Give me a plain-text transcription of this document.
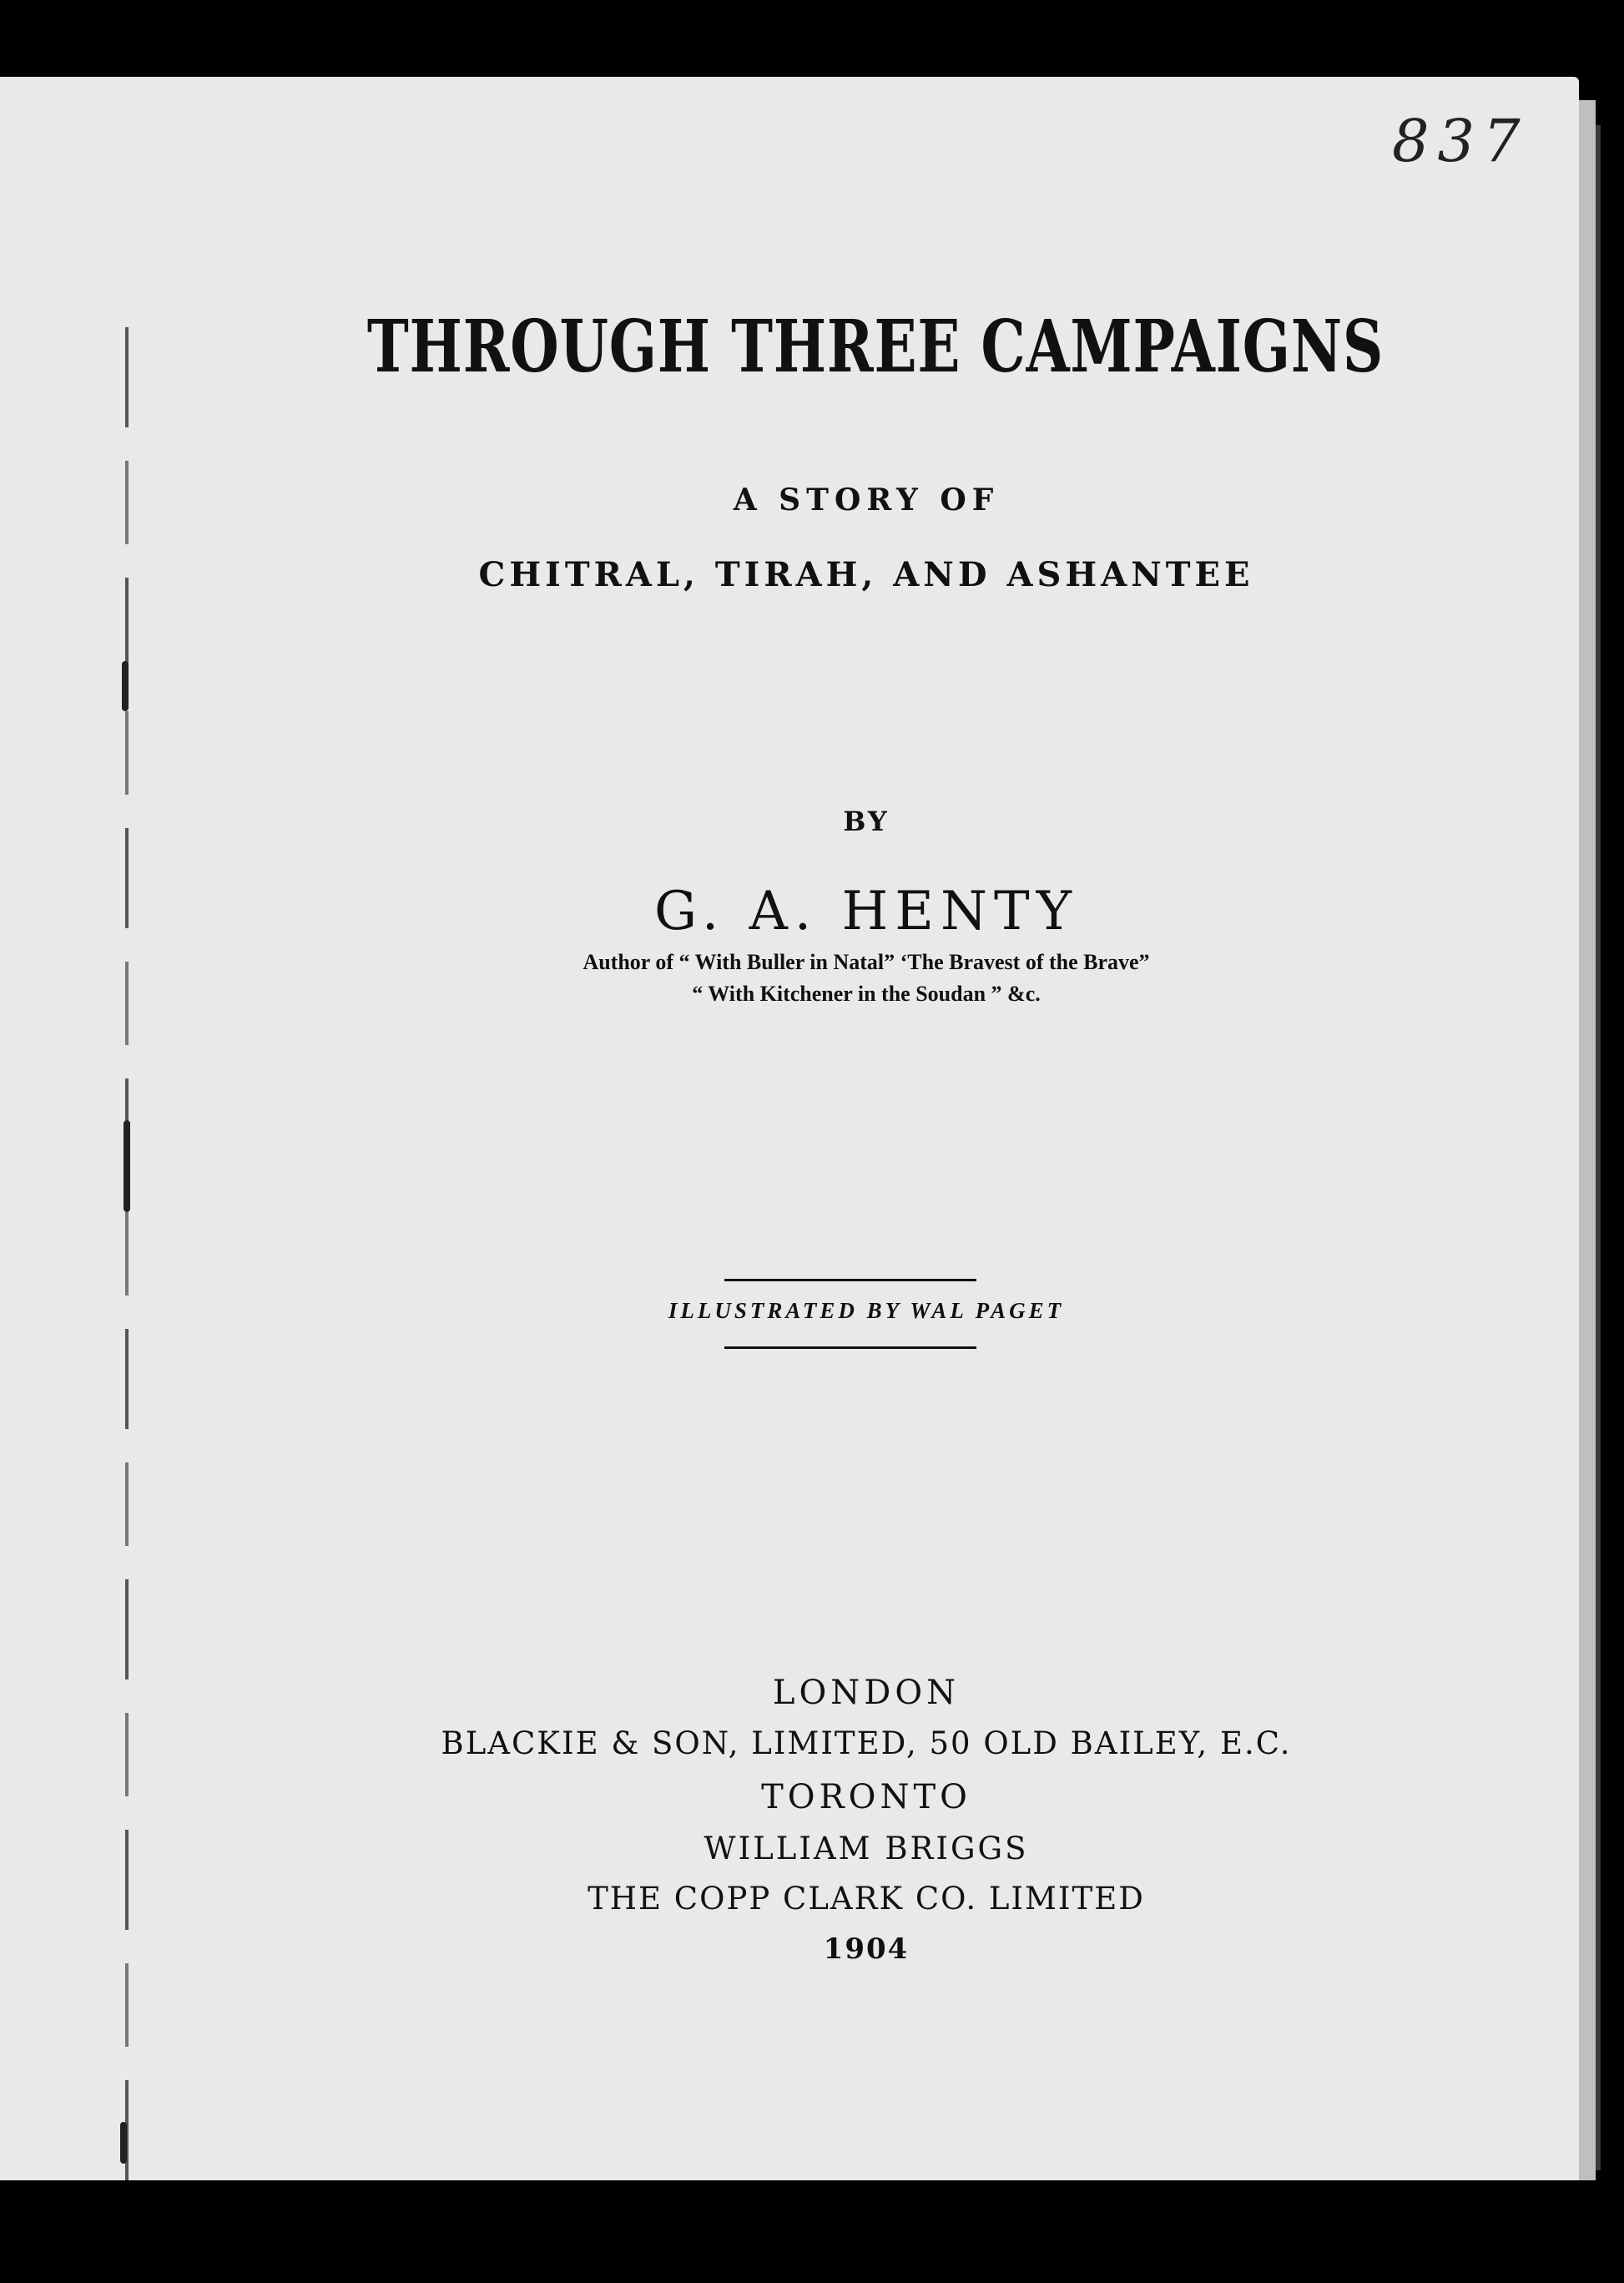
837
THROUGH THREE CAMPAIGNS
A STORY OF
CHITRAL, TIRAH, AND ASHANTEE
BY
G. A. HENTY
Author of “ With Buller in Natal” ‘The Bravest of the Brave”
“ With Kitchener in the Soudan ” &c.
ILLUSTRATED BY WAL PAGET
LONDON
BLACKIE & SON, LIMITED, 50 OLD BAILEY, E.C.
TORONTO
WILLIAM BRIGGS
THE COPP CLARK CO. LIMITED
1904
